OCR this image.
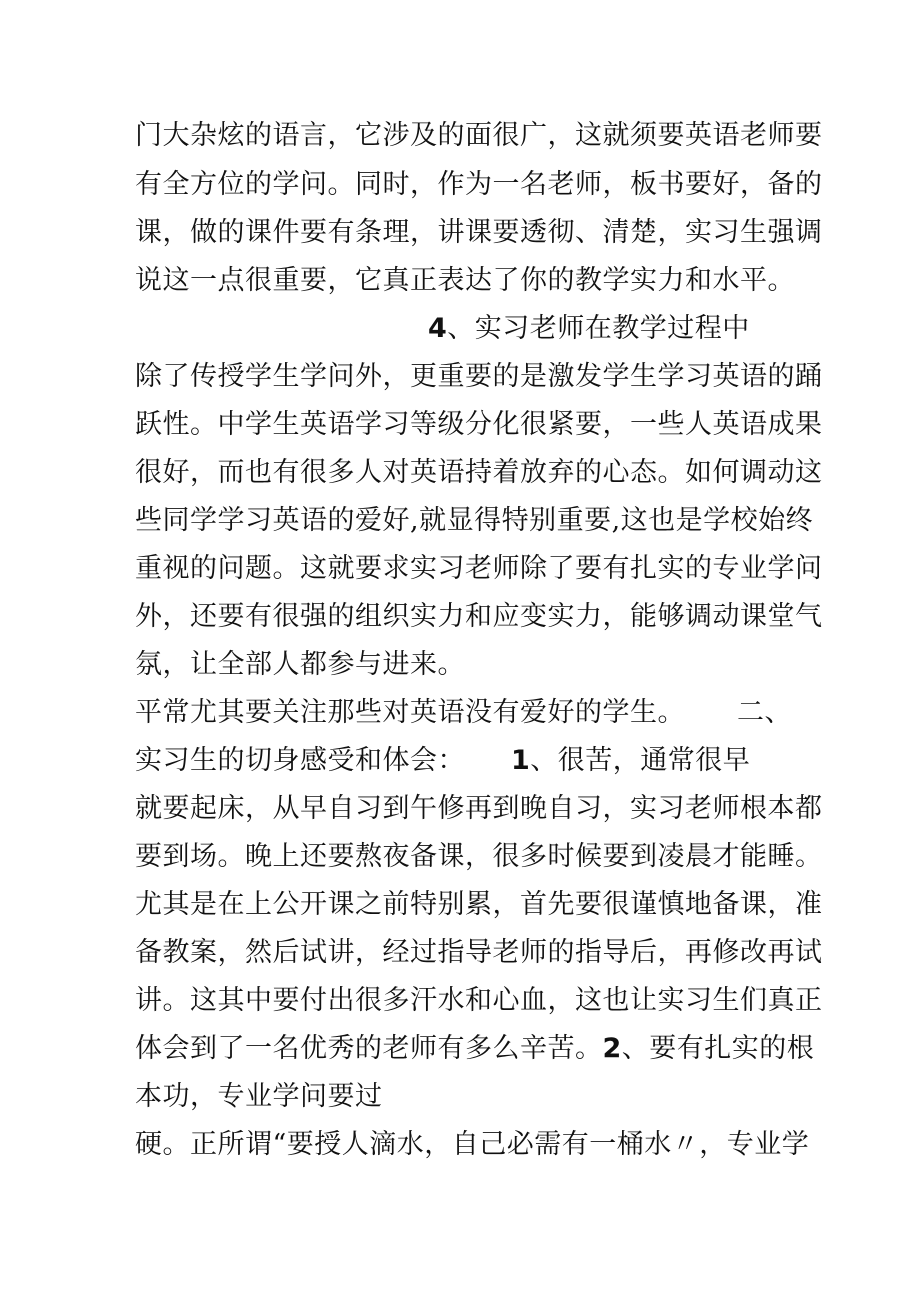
门大杂炫的语言，它涉及的面很广，这就须要英语老师要

有全方位的学问。同时，作为一名老师，板书要好，备的

课，做的课件要有条理，讲课要透彻、清楚，实习生强调

说这一点很重要，它真正表达了你的教学实力和水平。

4、实习老师在教学过程中

除了传授学生学问外，更重要的是激发学生学习英语的踊

跃性。中学生英语学习等级分化很紧要，一些人英语成果

很好，而也有很多人对英语持着放弃的心态。如何调动这

些同学学习英语的爱好,就显得特别重要,这也是学校始终

重视的问题。这就要求实习老师除了要有扎实的专业学问

外，还要有很强的组织实力和应变实力，能够调动课堂气

氛，让全部人都参与进来。

平常尤其要关注那些对英语没有爱好的学生。 二、

实习生的切身感受和体会： 1、很苦，通常很早

就要起床，从早自习到午修再到晚自习，实习老师根本都

要到场。晚上还要熬夜备课，很多时候要到凌晨才能睡。

尤其是在上公开课之前特别累，首先要很谨慎地备课，准

备教案，然后试讲，经过指导老师的指导后，再修改再试

讲。这其中要付出很多汗水和心血，这也让实习生们真正

体会到了一名优秀的老师有多么辛苦。2、要有扎实的根

本功，专业学问要过

硬。正所谓“要授人滴水，自己必需有一桶水〃，专业学
